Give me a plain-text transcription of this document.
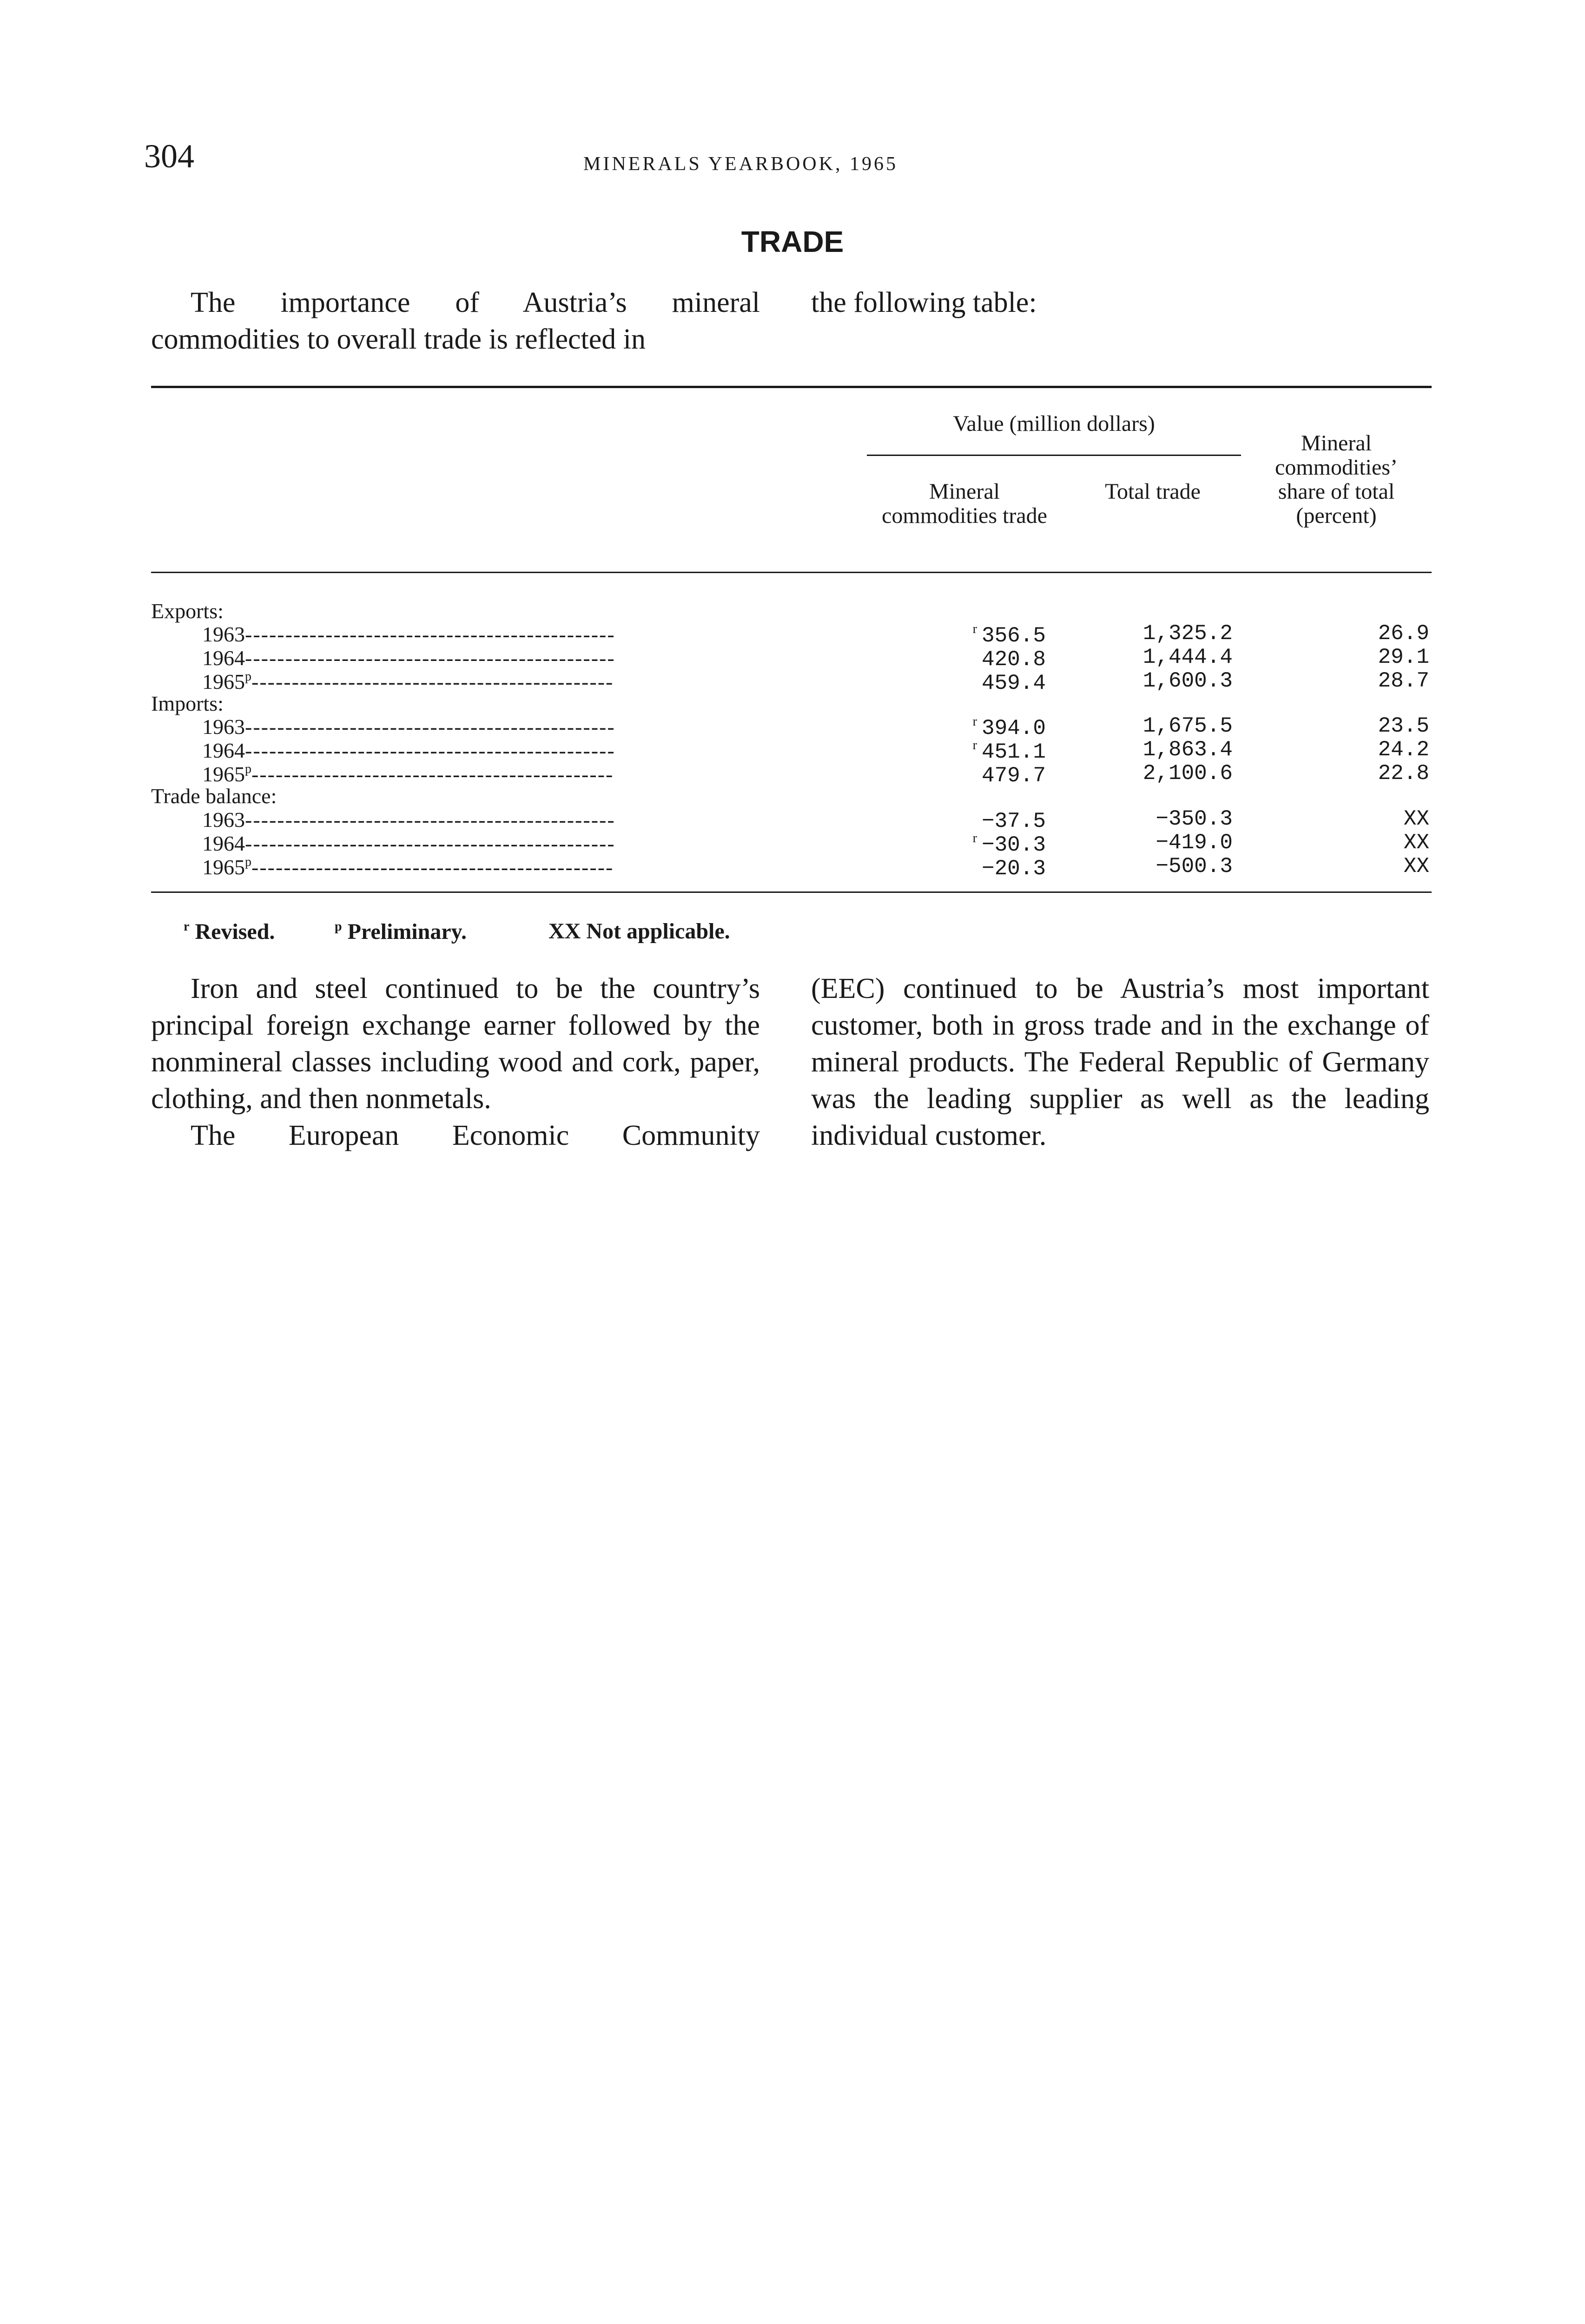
304	MINERALS YEARBOOK, 1965
TRADE

The importance of Austria’s mineral commodities to overall trade is reflected in

the following table:

Value (million dollars)
Mineral commodities trade
Total trade
Mineral commodities’ share of total (percent)
Exports:
1963----------------------------------------------	$^r$ 356.5	1,325.2	26.9
1964----------------------------------------------	420.8	1,444.4	29.1
1965$^p$---------------------------------------------	459.4	1,600.3	28.7
Imports:
1963----------------------------------------------	$^r$ 394.0	1,675.5	23.5
1964----------------------------------------------	$^r$ 451.1	1,863.4	24.2
1965$^p$---------------------------------------------	479.7	2,100.6	22.8
Trade balance:
1963----------------------------------------------	−37.5	−350.3	XX
1964----------------------------------------------	$^r$ −30.3	−419.0	XX
$1965^p---------------------------------------------$	−20.3	−500.3	XX
$^r$ Revised.	$^p$ Preliminary.	XX Not applicable.

Iron and steel continued to be the country’s principal foreign exchange earner followed by the nonmineral classes including wood and cork, paper, clothing, and then nonmetals.

The European Economic Community

(EEC) continued to be Austria’s most important customer, both in gross trade and in the exchange of mineral products. The Federal Republic of Germany was the leading supplier as well as the leading individual customer.
